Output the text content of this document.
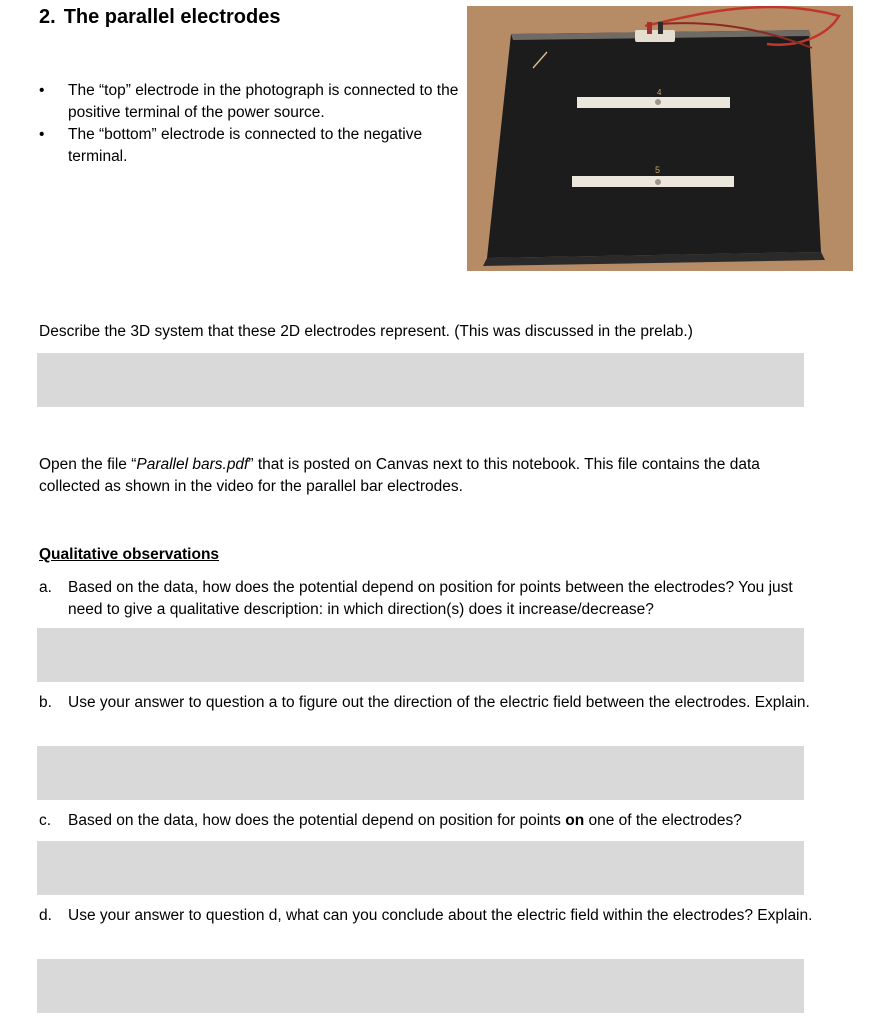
2. The parallel electrodes
•	The “top” electrode in the photograph is connected to the positive terminal of the power source.
•	The “bottom” electrode is connected to the negative terminal.
4
5
Describe the 3D system that these 2D electrodes represent. (This was discussed in the prelab.)
Open the file “Parallel bars.pdf” that is posted on Canvas next to this notebook. This file contains the data collected as shown in the video for the parallel bar electrodes.
Qualitative observations
a. Based on the data, how does the potential depend on position for points between the electrodes? You just need to give a qualitative description: in which direction(s) does it increase/decrease?
b. Use your answer to question a to figure out the direction of the electric field between the electrodes. Explain.
c. Based on the data, how does the potential depend on position for points on one of the electrodes?
d. Use your answer to question d, what can you conclude about the electric field within the electrodes? Explain.
